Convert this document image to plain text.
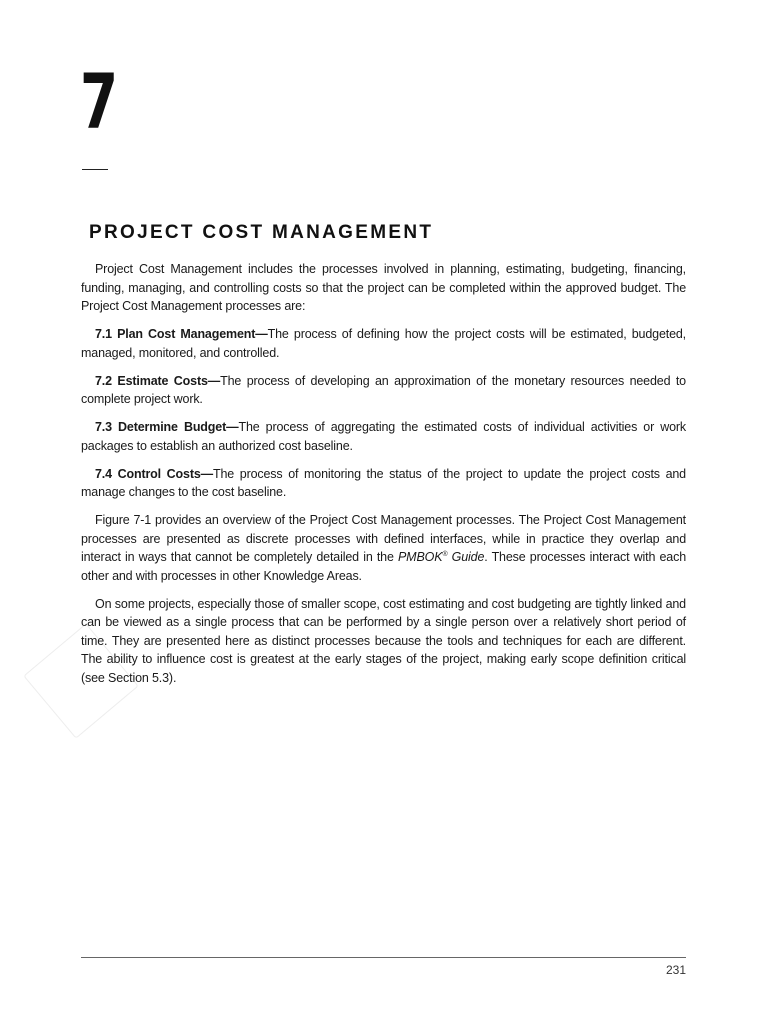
7
PROJECT COST MANAGEMENT

Project Cost Management includes the processes involved in planning, estimating, budgeting, financing, funding, managing, and controlling costs so that the project can be completed within the approved budget. The Project Cost Management processes are:

7.1 Plan Cost Management—The process of defining how the project costs will be estimated, budgeted, managed, monitored, and controlled.

7.2 Estimate Costs—The process of developing an approximation of the monetary resources needed to complete project work.

7.3 Determine Budget—The process of aggregating the estimated costs of individual activities or work packages to establish an authorized cost baseline.

7.4 Control Costs—The process of monitoring the status of the project to update the project costs and manage changes to the cost baseline.

Figure 7-1 provides an overview of the Project Cost Management processes. The Project Cost Management processes are presented as discrete processes with defined interfaces, while in practice they overlap and interact in ways that cannot be completely detailed in the PMBOK® Guide. These processes interact with each other and with processes in other Knowledge Areas.

On some projects, especially those of smaller scope, cost estimating and cost budgeting are tightly linked and can be viewed as a single process that can be performed by a single person over a relatively short period of time. They are presented here as distinct processes because the tools and techniques for each are different. The ability to influence cost is greatest at the early stages of the project, making early scope definition critical (see Section 5.3).

231
